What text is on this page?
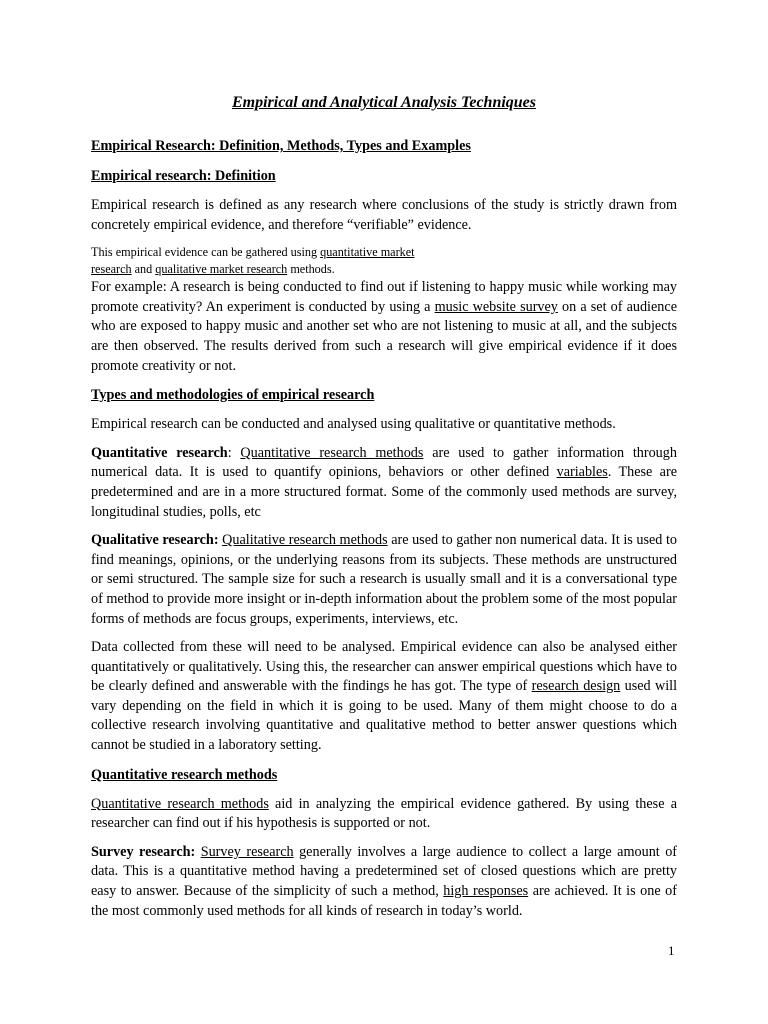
Empirical and Analytical Analysis Techniques
Empirical Research: Definition, Methods, Types and Examples
Empirical research: Definition

Empirical research is defined as any research where conclusions of the study is strictly drawn from concretely empirical evidence, and therefore “verifiable” evidence.

This empirical evidence can be gathered using quantitative market
research and qualitative market research methods.

For example: A research is being conducted to find out if listening to happy music while working may promote creativity? An experiment is conducted by using a music website survey on a set of audience who are exposed to happy music and another set who are not listening to music at all, and the subjects are then observed. The results derived from such a research will give empirical evidence if it does promote creativity or not.

Types and methodologies of empirical research

Empirical research can be conducted and analysed using qualitative or quantitative methods.

Quantitative research: Quantitative research methods are used to gather information through numerical data. It is used to quantify opinions, behaviors or other defined variables. These are predetermined and are in a more structured format. Some of the commonly used methods are survey, longitudinal studies, polls, etc

Qualitative research: Qualitative research methods are used to gather non numerical data. It is used to find meanings, opinions, or the underlying reasons from its subjects. These methods are unstructured or semi structured. The sample size for such a research is usually small and it is a conversational type of method to provide more insight or in-depth information about the problem some of the most popular forms of methods are focus groups, experiments, interviews, etc.

Data collected from these will need to be analysed. Empirical evidence can also be analysed either quantitatively or qualitatively. Using this, the researcher can answer empirical questions which have to be clearly defined and answerable with the findings he has got. The type of research design used will vary depending on the field in which it is going to be used. Many of them might choose to do a collective research involving quantitative and qualitative method to better answer questions which cannot be studied in a laboratory setting.

Quantitative research methods

Quantitative research methods aid in analyzing the empirical evidence gathered. By using these a researcher can find out if his hypothesis is supported or not.

Survey research: Survey research generally involves a large audience to collect a large amount of data. This is a quantitative method having a predetermined set of closed questions which are pretty easy to answer. Because of the simplicity of such a method, high responses are achieved. It is one of the most commonly used methods for all kinds of research in today’s world.

1
